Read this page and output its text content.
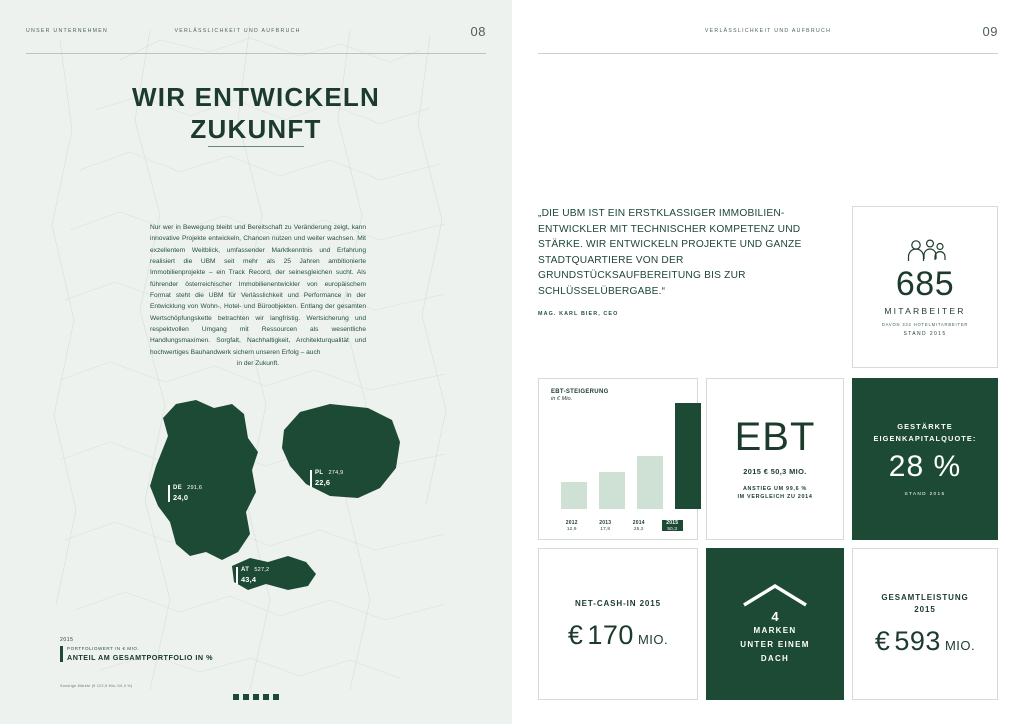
UNSER UNTERNEHMEN	VERLÄSSLICHKEIT UND AUFBRUCH	08
WIR ENTWICKELN
ZUKUNFT
Nur wer in Bewegung bleibt und Bereitschaft zu Veränderung zeigt, kann innovative Projekte entwickeln, Chancen nutzen und weiter wachsen. Mit exzellentem Weitblick, umfassender Marktkenntnis und Erfahrung realisiert die UBM seit mehr als 25 Jahren ambitionierte Immobilienprojekte – ein Track Record, der seinesgleichen sucht. Als führender österreichischer Immobilienentwickler von europäischem Format steht die UBM für Verlässlichkeit und Performance in der Entwicklung von Wohn-, Hotel- und Büroobjekten. Entlang der gesamten Wertschöpfungskette betrachten wir langfristig. Wertsicherung und respektvollen Umgang mit Ressourcen als wesentliche Handlungsmaximen. Sorgfalt, Nachhaltigkeit, Architekturqualität und hochwertiges Bauhandwerk sichern unseren Erfolg – auch
in der Zukunft.
DE 291,6
24,0
PL 274,9
22,6
AT 527,2
43,4
2015
PORTFOLIOWERT IN € MIO.
ANTEIL AM GESAMTPORTFOLIO IN %
Sonstige Märkte (€ 122,5 Mio./10,0 %)
VERLÄSSLICHKEIT UND AUFBRUCH	09

„DIE UBM IST EIN ERSTKLASSIGER IMMOBILIEN-ENTWICKLER MIT TECHNISCHER KOMPETENZ UND STÄRKE. WIR ENTWICKELN PROJEKTE UND GANZE STADTQUARTIERE VON DER GRUNDSTÜCKSAUFBEREITUNG BIS ZUR SCHLÜSSELÜBERGABE.“

MAG. KARL BIER, CEO
685
MITARBEITER
DAVON 332 HOTELMITARBEITER
STAND 2015
EBT-STEIGERUNG
in € Mio.
2012
12,9
2013
17,8
2014
25,2
2015
50,3
EBT
2015 € 50,3 MIO.
ANSTIEG UM 99,6 %
IM VERGLEICH ZU 2014
GESTÄRKTE
EIGENKAPITALQUOTE:
28 %
STAND 2015
NET-CASH-IN 2015
€ 170 MIO.
4
MARKEN
UNTER EINEM
DACH
GESAMTLEISTUNG
2015
€ 593 MIO.
